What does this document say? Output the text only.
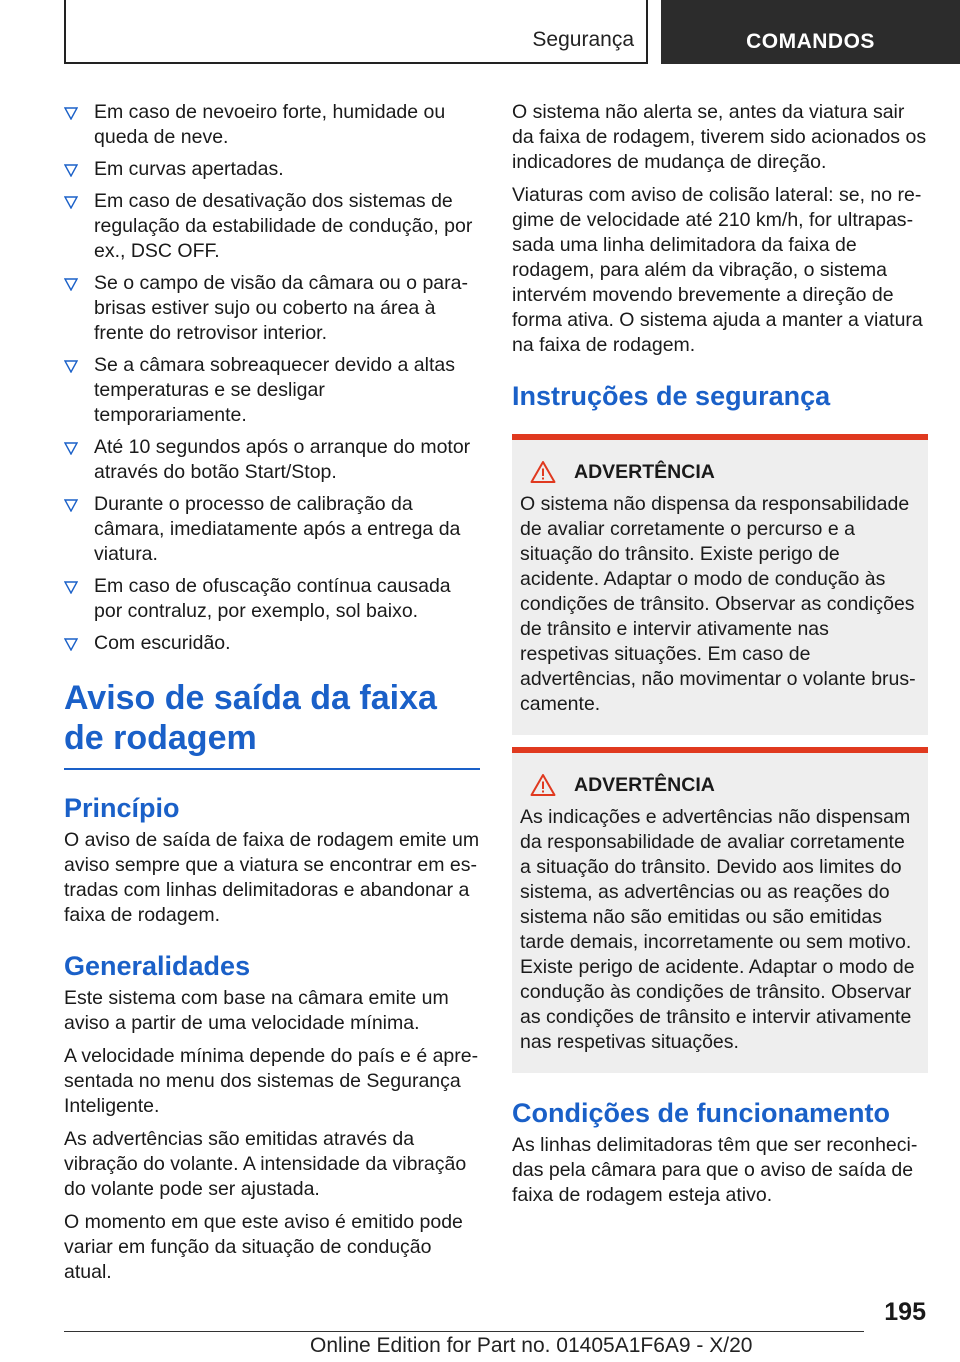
Segurança	COMANDOS
Em caso de nevoeiro forte, humidade ou queda de neve.
Em curvas apertadas.
Em caso de desativação dos sistemas de regulação da estabilidade de condução, por ex., DSC OFF.
Se o campo de visão da câmara ou o para-brisas estiver sujo ou coberto na área à frente do retrovisor interior.
Se a câmara sobreaquecer devido a altas temperaturas e se desligar temporariamente.
Até 10 segundos após o arranque do motor através do botão Start/Stop.
Durante o processo de calibração da câmara, imediatamente após a entrega da viatura.
Em caso de ofuscação contínua causada por contraluz, por exemplo, sol baixo.
Com escuridão.
Aviso de saída da faixa de rodagem
Princípio

O aviso de saída de faixa de rodagem emite um aviso sempre que a viatura se encontrar em estradas com linhas delimitadoras e abandonar a faixa de rodagem.

Generalidades

Este sistema com base na câmara emite um aviso a partir de uma velocidade mínima.

A velocidade mínima depende do país e é apresentada no menu dos sistemas de Segurança Inteligente.

As advertências são emitidas através da vibração do volante. A intensidade da vibração do volante pode ser ajustada.

O momento em que este aviso é emitido pode variar em função da situação de condução atual.

O sistema não alerta se, antes da viatura sair da faixa de rodagem, tiverem sido acionados os indicadores de mudança de direção.

Viaturas com aviso de colisão lateral: se, no regime de velocidade até 210 km/h, for ultrapassada uma linha delimitadora da faixa de rodagem, para além da vibração, o sistema intervém movendo brevemente a direção de forma ativa. O sistema ajuda a manter a viatura na faixa de rodagem.

Instruções de segurança
ADVERTÊNCIA

O sistema não dispensa da responsabilidade de avaliar corretamente o percurso e a situação do trânsito. Existe perigo de acidente. Adaptar o modo de condução às condições de trânsito. Observar as condições de trânsito e intervir ativamente nas respetivas situações. Em caso de advertências, não movimentar o volante bruscamente.

ADVERTÊNCIA

As indicações e advertências não dispensam da responsabilidade de avaliar corretamente a situação do trânsito. Devido aos limites do sistema, as advertências ou as reações do sistema não são emitidas ou são emitidas tarde demais, incorretamente ou sem motivo. Existe perigo de acidente. Adaptar o modo de condução às condições de trânsito. Observar as condições de trânsito e intervir ativamente nas respetivas situações.

Condições de funcionamento

As linhas delimitadoras têm que ser reconhecidas pela câmara para que o aviso de saída de faixa de rodagem esteja ativo.

195
Online Edition for Part no. 01405A1F6A9 - X/20
